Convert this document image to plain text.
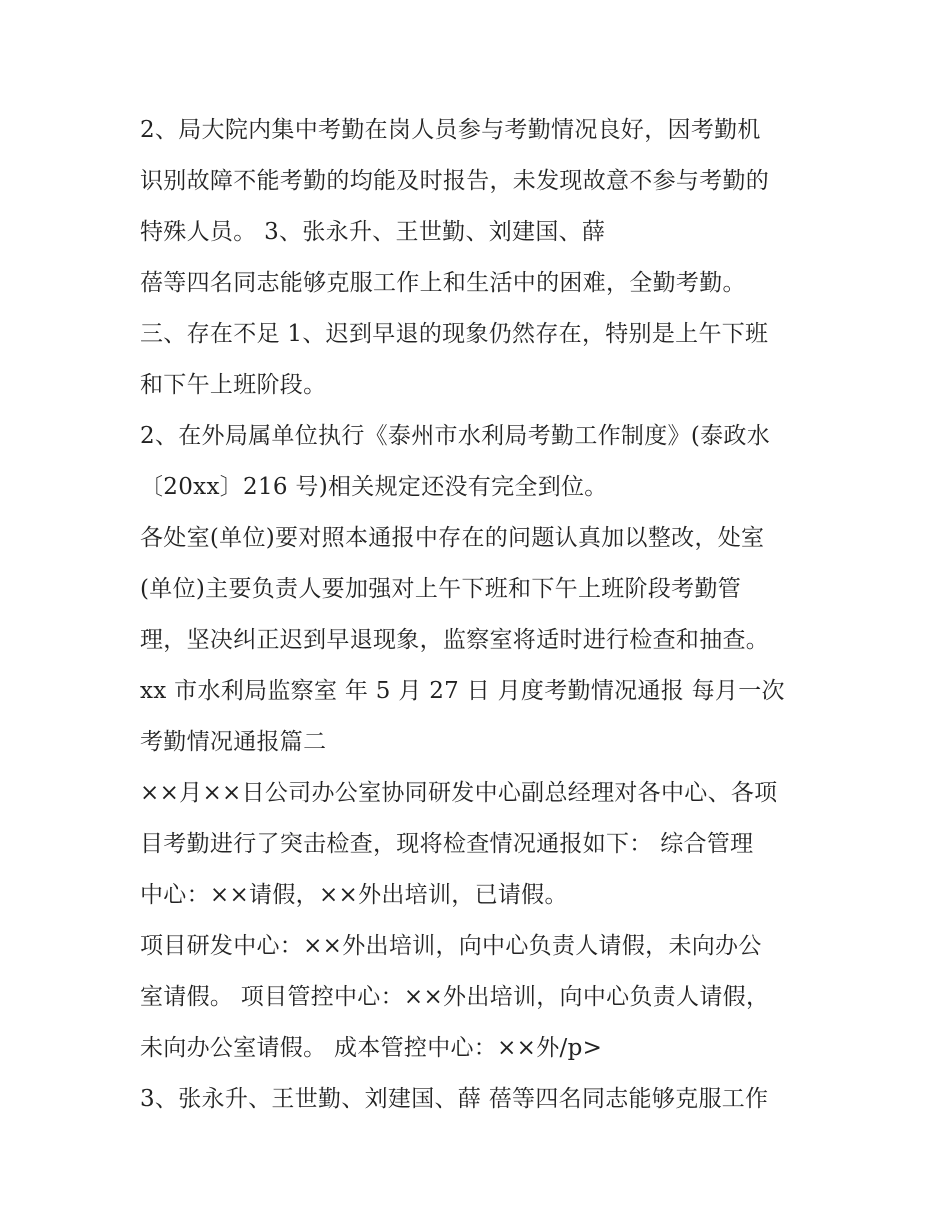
2、局大院内集中考勤在岗人员参与考勤情况良好，因考勤机
识别故障不能考勤的均能及时报告，未发现故意不参与考勤的
特殊人员。 3、张永升、王世勤、刘建国、薛
蓓等四名同志能够克服工作上和生活中的困难，全勤考勤。
三、存在不足 1、迟到早退的现象仍然存在，特别是上午下班
和下午上班阶段。
2、在外局属单位执行《泰州市水利局考勤工作制度》(泰政水
〔20xx〕216 号)相关规定还没有完全到位。
各处室(单位)要对照本通报中存在的问题认真加以整改，处室
(单位)主要负责人要加强对上午下班和下午上班阶段考勤管
理，坚决纠正迟到早退现象，监察室将适时进行检查和抽查。
xx 市水利局监察室 年 5 月 27 日 月度考勤情况通报 每月一次
考勤情况通报篇二
××月××日公司办公室协同研发中心副总经理对各中心、各项
目考勤进行了突击检查，现将检查情况通报如下： 综合管理
中心：××请假，××外出培训，已请假。
项目研发中心：××外出培训，向中心负责人请假，未向办公
室请假。 项目管控中心：××外出培训，向中心负责人请假，
未向办公室请假。 成本管控中心：××外/p>
3、张永升、王世勤、刘建国、薛 蓓等四名同志能够克服工作
